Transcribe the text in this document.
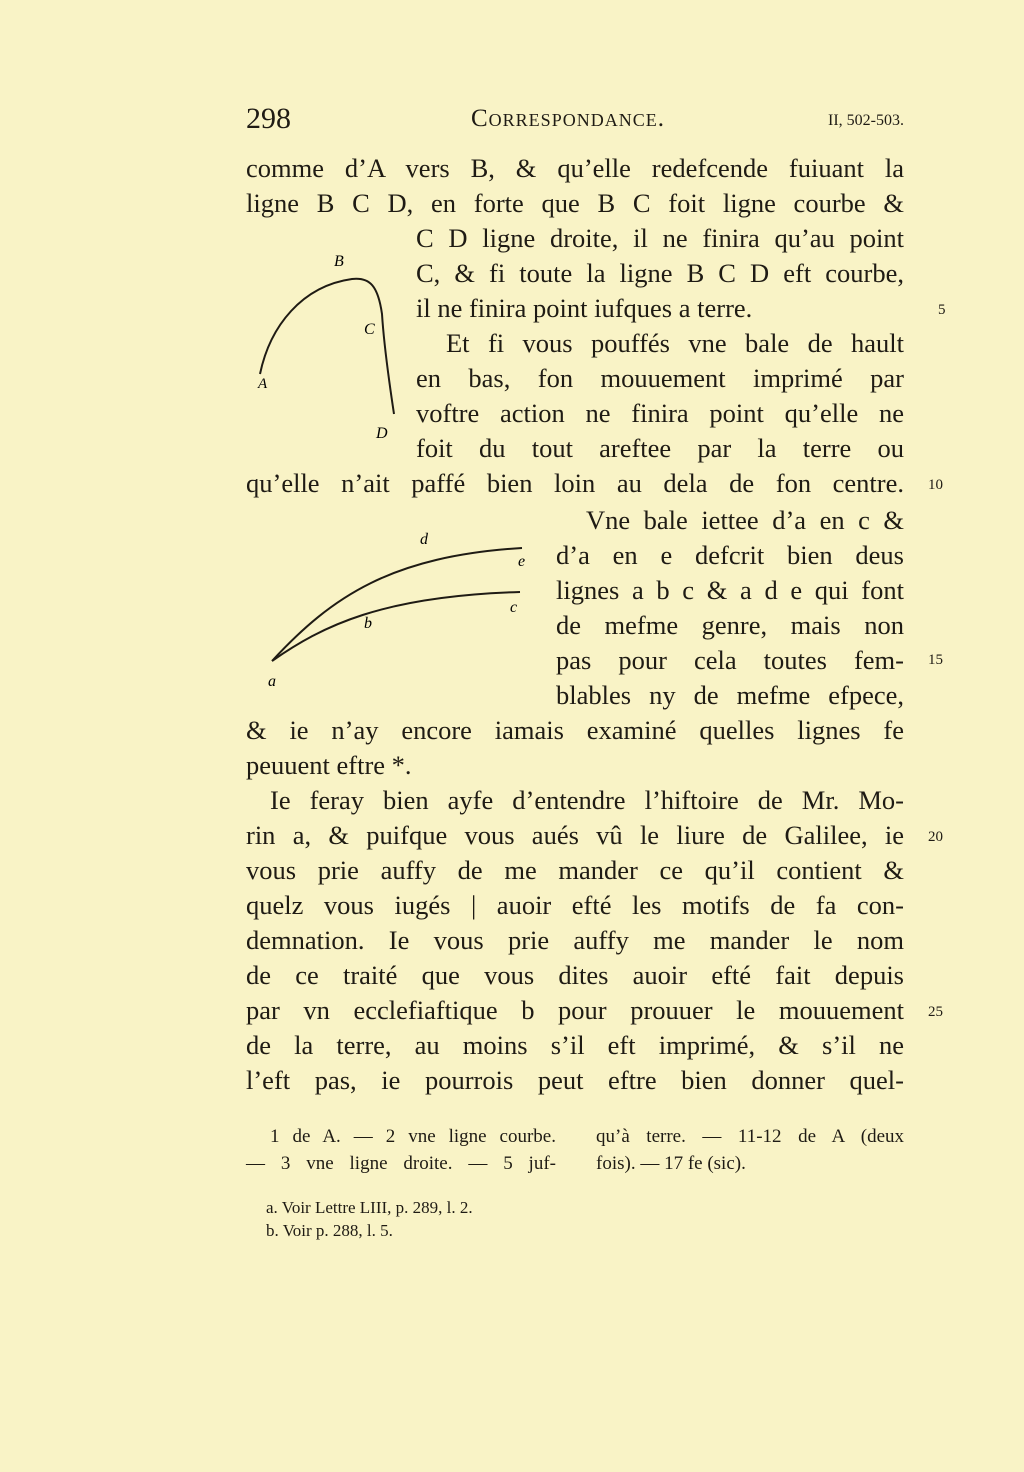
298	Correspondance.	II, 502-503.
B
C
A
D
d
e
c
b
a
comme d’A vers B, & qu’elle redefcende fuiuant la
ligne B C D, en forte que B C foit ligne courbe &
C D ligne droite, il ne finira qu’au point
C, & fi toute la ligne B C D eft courbe,
il ne finira point iufques a terre.
Et fi vous pouffés vne bale de hault
en bas, fon mouuement imprimé par
voftre action ne finira point qu’elle ne
foit du tout areftee par la terre ou
qu’elle n’ait paffé bien loin au dela de fon centre.
Vne bale iettee d’a en c &
d’a en e defcrit bien deus
lignes a b c & a d e qui font
de mefme genre, mais non
pas pour cela toutes fem-
blables ny de mefme efpece,
& ie n’ay encore iamais examiné quelles lignes fe
peuuent eftre *.
Ie feray bien ayfe d’entendre l’hiftoire de Mr. Mo-
rin a, & puifque vous aués vû le liure de Galilee, ie
vous prie auffy de me mander ce qu’il contient &
quelz vous iugés | auoir efté les motifs de fa con-
demnation. Ie vous prie auffy me mander le nom
de ce traité que vous dites auoir efté fait depuis
par vn ecclefiaftique b pour prouuer le mouuement
de la terre, au moins s’il eft imprimé, & s’il ne
l’eft pas, ie pourrois peut eftre bien donner quel-
5
10
15
20
25
1 de A. — 2 vne ligne courbe.
— 3 vne ligne droite. — 5 juf-
qu’à terre. — 11-12 de A (deux
fois). — 17 fe (sic).
a. Voir Lettre LIII, p. 289, l. 2.
b. Voir p. 288, l. 5.
